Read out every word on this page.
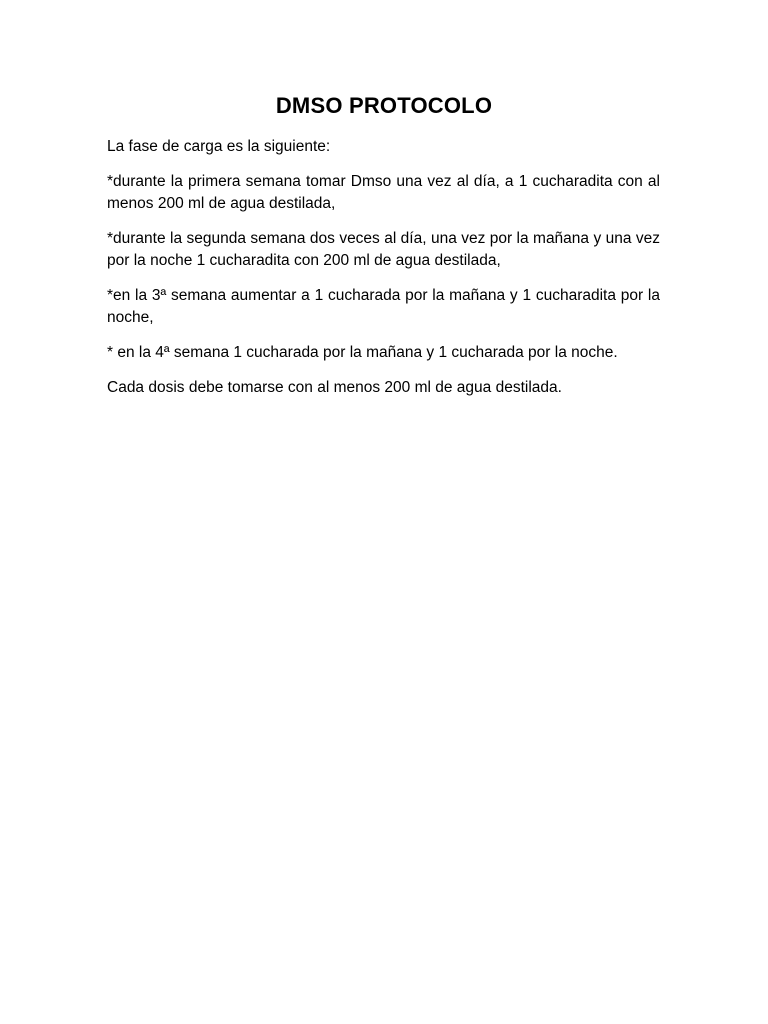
DMSO PROTOCOLO

La fase de carga es la siguiente:

*durante la primera semana tomar Dmso una vez al día, a 1 cucharadita con al menos 200 ml de agua destilada,

*durante la segunda semana dos veces al día, una vez por la mañana y una vez por la noche 1 cucharadita con 200 ml de agua destilada,

*en la 3ª semana aumentar a 1 cucharada por la mañana y 1 cucharadita por la noche,

* en la 4ª semana 1 cucharada por la mañana y 1 cucharada por la noche.

Cada dosis debe tomarse con al menos 200 ml de agua destilada.
